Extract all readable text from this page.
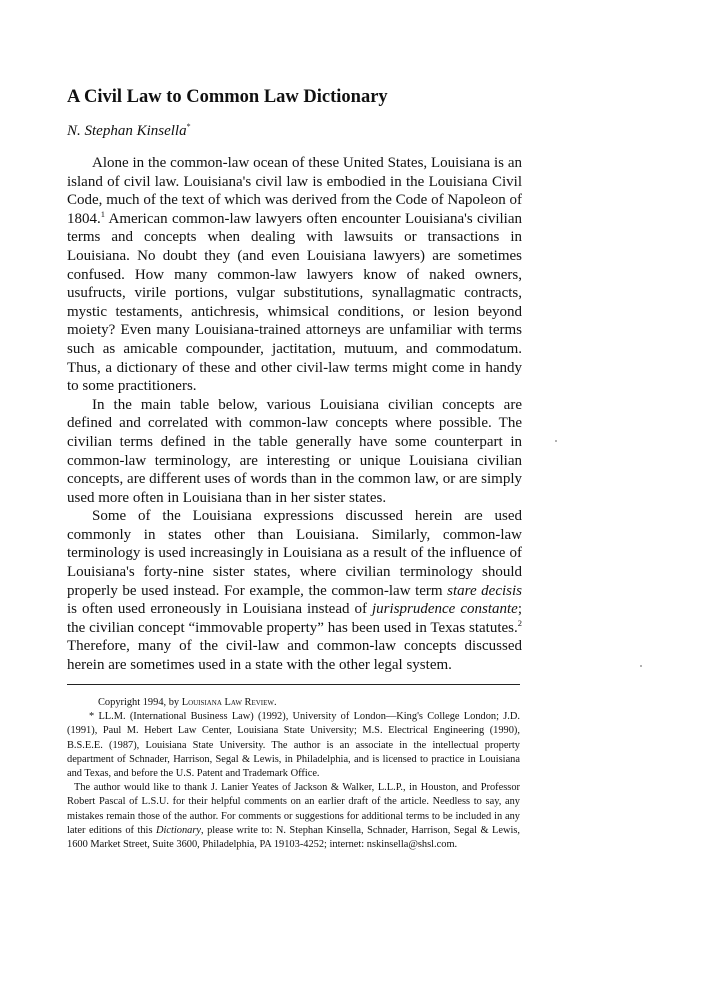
A Civil Law to Common Law Dictionary

N. Stephan Kinsella*

Alone in the common-law ocean of these United States, Louisiana is an island of civil law. Louisiana's civil law is embodied in the Louisiana Civil Code, much of the text of which was derived from the Code of Napoleon of 1804.$^1$ American common-law lawyers often encounter Louisiana's civilian terms and concepts when dealing with lawsuits or transactions in Louisiana. No doubt they (and even Louisiana lawyers) are sometimes confused. How many common-law lawyers know of naked owners, usufructs, virile portions, vulgar substitutions, synallagmatic contracts, mystic testaments, antichresis, whimsical conditions, or lesion beyond moiety? Even many Louisiana-trained attorneys are unfamiliar with terms such as amicable compounder, jactitation, mutuum, and commodatum. Thus, a dictionary of these and other civil-law terms might come in handy to some practitioners.

In the main table below, various Louisiana civilian concepts are defined and correlated with common-law concepts where possible. The civilian terms defined in the table generally have some counterpart in common-law terminology, are interesting or unique Louisiana civilian concepts, are different uses of words than in the common law, or are simply used more often in Louisiana than in her sister states.

Some of the Louisiana expressions discussed herein are used commonly in states other than Louisiana. Similarly, common-law terminology is used increasingly in Louisiana as a result of the influence of Louisiana's forty-nine sister states, where civilian terminology should properly be used instead. For example, the common-law term stare decisis is often used erroneously in Louisiana instead of jurisprudence constante; the civilian concept “immovable property” has been used in Texas statutes.$^2$ Therefore, many of the civil-law and common-law concepts discussed herein are sometimes used in a state with the other legal system.

Copyright 1994, by Louisiana Law Review.

* LL.M. (International Business Law) (1992), University of London—King's College London; J.D. (1991), Paul M. Hebert Law Center, Louisiana State University; M.S. Electrical Engineering (1990), B.S.E.E. (1987), Louisiana State University. The author is an associate in the intellectual property department of Schnader, Harrison, Segal & Lewis, in Philadelphia, and is licensed to practice in Louisiana and Texas, and before the U.S. Patent and Trademark Office.

The author would like to thank J. Lanier Yeates of Jackson & Walker, L.L.P., in Houston, and Professor Robert Pascal of L.S.U. for their helpful comments on an earlier draft of the article. Needless to say, any mistakes remain those of the author. For comments or suggestions for additional terms to be included in any later editions of this Dictionary, please write to: N. Stephan Kinsella, Schnader, Harrison, Segal & Lewis, 1600 Market Street, Suite 3600, Philadelphia, PA 19103-4252; internet: nskinsella@shsl.com.
